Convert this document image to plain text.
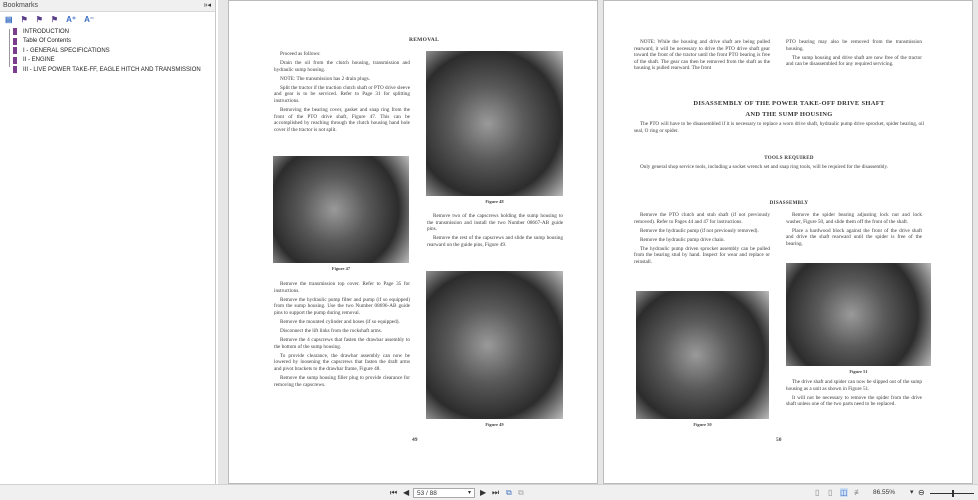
Bookmarks	»◂
▤ ⚑ ⚑ ⚑ A⁺ A⁻
INTRODUCTION
Table Of Contents
I - GENERAL SPECIFICATIONS
II - ENGINE
III - LIVE POWER TAKE-FF, EAGLE HITCH AND TRANSMISSION
REMOVAL

Proceed as follows:

Drain the oil from the clutch housing, transmission and hydraulic sump housing.

NOTE: The transmission has 2 drain plugs.

Split the tractor if the traction clutch shaft or PTO drive sleeve and gear is to be serviced. Refer to Page 31 for splitting instructions.

Removing the bearing cover, gasket and snap ring from the front of the PTO drive shaft, Figure 47. This can be accomplished by reaching through the clutch housing hand hole cover if the tractor is not split.

Figure 47

Remove the transmission top cover. Refer to Page 35 for instructions.

Remove the hydraulic pump filter and pump (if so equipped) from the sump housing. Use the two Number 08696-AB guide pins to support the pump during removal.

Remove the mounted cylinder and hoses (if so equipped).

Disconnect the lift links from the rockshaft arms.

Remove the 4 capscrews that fasten the drawbar assembly to the bottom of the sump housing.

To provide clearance, the drawbar assembly can now be lowered by loosening the capscrews that fasten the draft arms and pivot brackets to the drawbar frame, Figure 48.

Remove the sump housing filler plug to provide clearance for removing the capscrews.

Figure 48

Remove two of the capscrews holding the sump housing to the transmission and install the two Number 08667-AB guide pins.

Remove the rest of the capscrews and slide the sump housing rearward on the guide pins, Figure 49.

Figure 49
49

NOTE: While the housing and drive shaft are being pulled rearward, it will be necessary to drive the PTO drive shaft gear toward the front of the tractor until the front PTO bearing is free of the shaft. The gear can then be removed from the shaft as the housing is pulled rearward. The front

PTO bearing may also be removed from the transmission housing.

The sump housing and drive shaft are now free of the tractor and can be disassembled for any required servicing.

DISASSEMBLY OF THE POWER TAKE-OFF DRIVE SHAFT
AND THE SUMP HOUSING

The PTO will have to be disassembled if it is necessary to replace a worn drive shaft, hydraulic pump drive sprocket, spider bearing, oil seal, O ring or spider.

TOOLS REQUIRED

Only general shop service tools, including a socket wrench set and snap ring tools, will be required for the disassembly.

DISASSEMBLY

Remove the PTO clutch and stub shaft (if not previously removed). Refer to Pages 44 and 47 for instructions.

Remove the hydraulic pump (if not previously removed).

Remove the hydraulic pump drive chain.

The hydraulic pump driven sprocket assembly can be pulled from the bearing stud by hand. Inspect for wear and replace or reinstall.

Remove the spider bearing adjusting lock nut and lock washer, Figure 50, and slide them off the front of the shaft.

Place a hardwood block against the front of the drive shaft and drive the shaft rearward until the spider is free of the bearing.

Figure 50
Figure 51

The drive shaft and spider can now be slipped out of the sump housing as a unit as shown in Figure 51.

It will not be necessary to remove the spider from the drive shaft unless one of the two parts need to be replaced.

50
⏮ ◀	53 / 88	▾ ▶ ⏭ ⧉ ⧉	▯ ▯ ◫ ≢ 86.55% ▾ ⊖
